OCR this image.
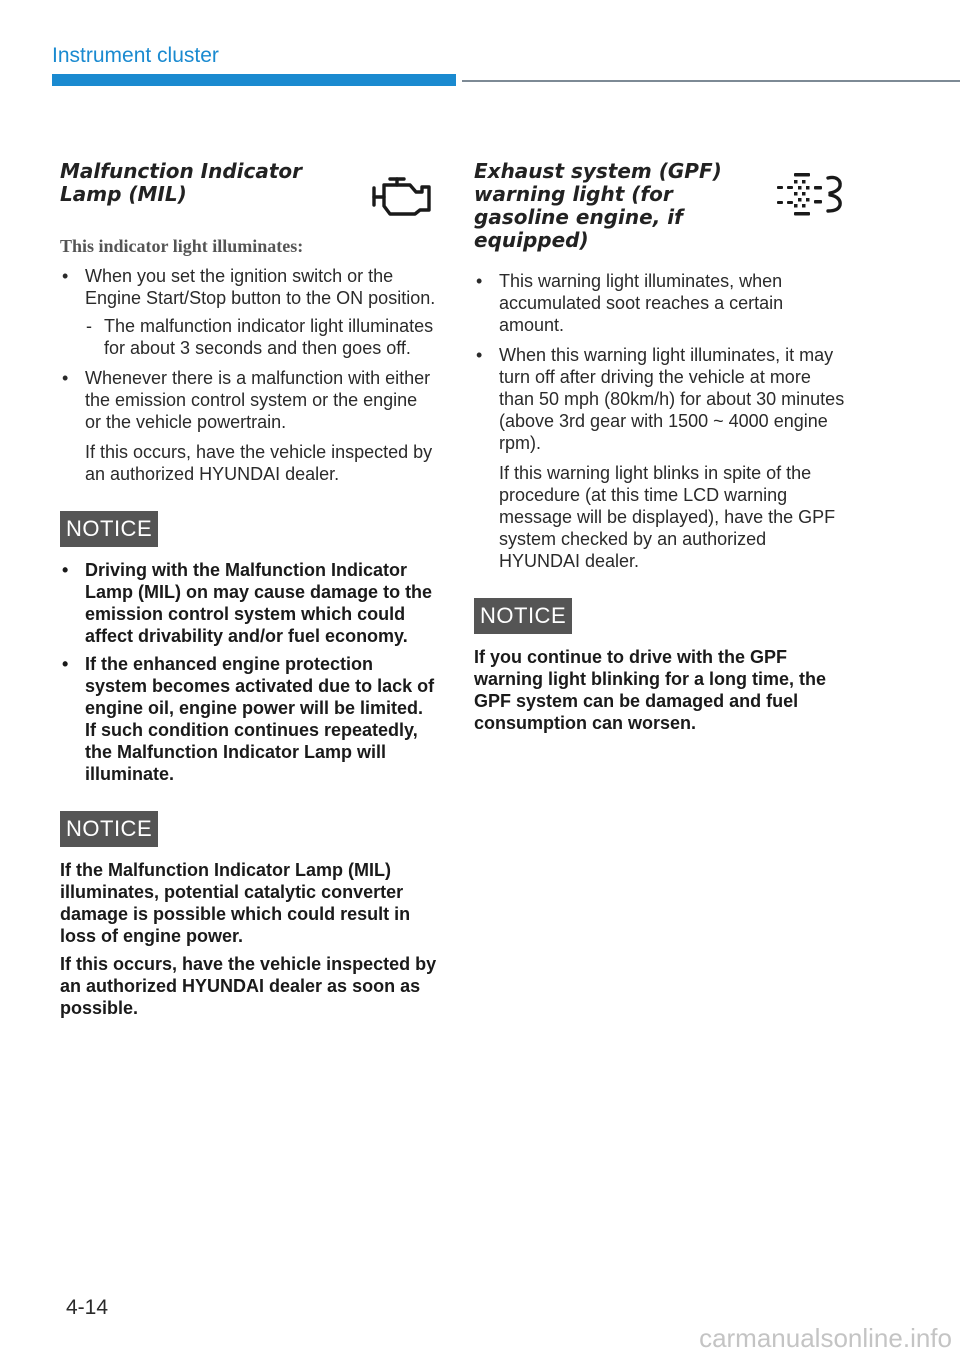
Instrument cluster
Malfunction Indicator Lamp (MIL)
This indicator light illuminates:
• When you set the ignition switch or the Engine Start/Stop button to the ON position.
- The malfunction indicator light illuminates for about 3 seconds and then goes off.
• Whenever there is a malfunction with either the emission control system or the engine or the vehicle powertrain.
If this occurs, have the vehicle inspected by an authorized HYUNDAI dealer.
NOTICE
• Driving with the Malfunction Indicator Lamp (MIL) on may cause damage to the emission control system which could affect drivability and/or fuel economy.
• If the enhanced engine protection system becomes activated due to lack of engine oil, engine power will be limited. If such condition continues repeatedly, the Malfunction Indicator Lamp will illuminate.
NOTICE
If the Malfunction Indicator Lamp (MIL) illuminates, potential catalytic converter damage is possible which could result in loss of engine power.
If this occurs, have the vehicle inspected by an authorized HYUNDAI dealer as soon as possible.
Exhaust system (GPF) warning light (for gasoline engine, if equipped)
• This warning light illuminates, when accumulated soot reaches a certain amount.
• When this warning light illuminates, it may turn off after driving the vehicle at more than 50 mph (80km/h) for about 30 minutes (above 3rd gear with 1500 ~ 4000 engine rpm).
If this warning light blinks in spite of the procedure (at this time LCD warning message will be displayed), have the GPF system checked by an authorized HYUNDAI dealer.
NOTICE
If you continue to drive with the GPF warning light blinking for a long time, the GPF system can be damaged and fuel consumption can worsen.
4-14
carmanualsonline.info
